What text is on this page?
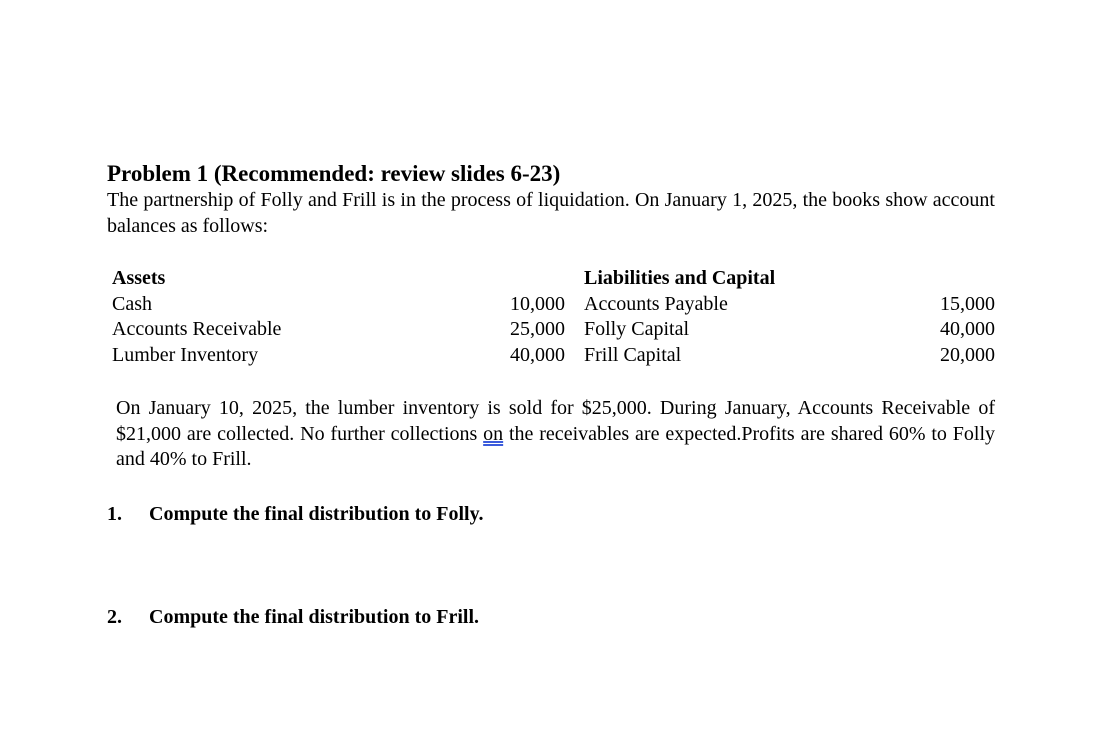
Problem 1 (Recommended: review slides 6-23)

The partnership of Folly and Frill is in the process of liquidation. On January 1, 2025, the books show account balances as follows:

Assets		Liabilities and Capital	
Cash	10,000	Accounts Payable	15,000
Accounts Receivable	25,000	Folly Capital	40,000
Lumber Inventory	40,000	Frill Capital	20,000

On January 10, 2025, the lumber inventory is sold for $25,000. During January, Accounts Receivable of $21,000 are collected. No further collections on the receivables are expected.Profits are shared 60% to Folly and 40% to Frill.

1. Compute the final distribution to Folly.
2. Compute the final distribution to Frill.
